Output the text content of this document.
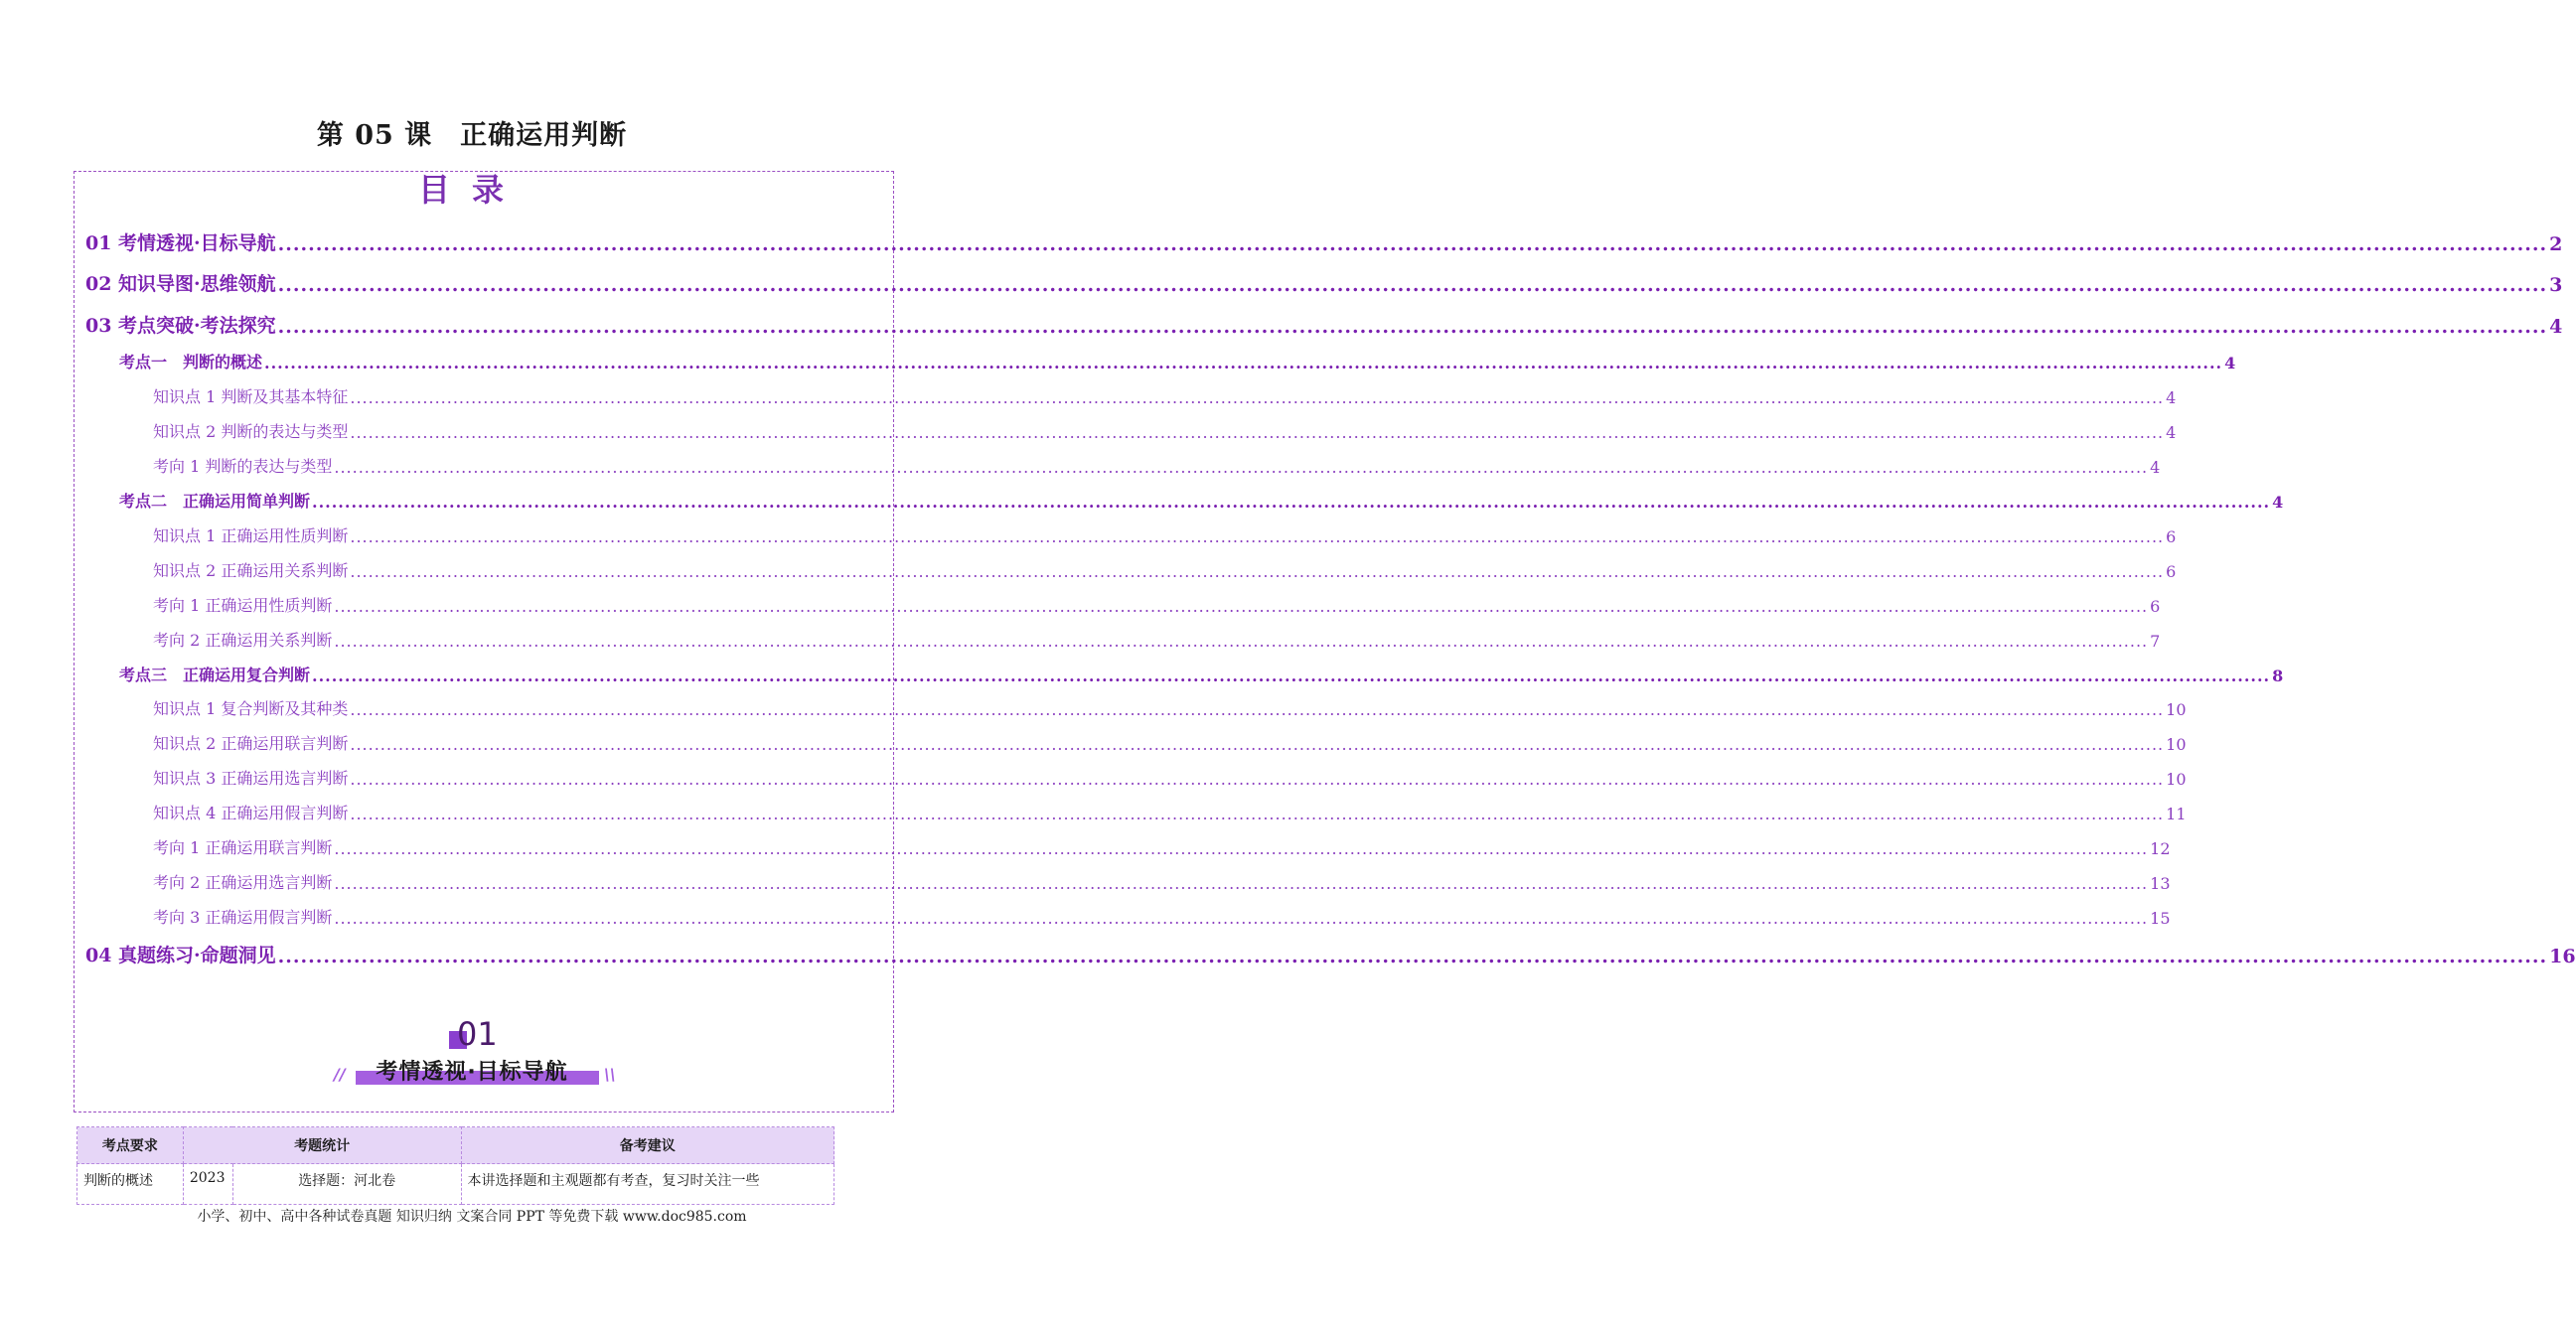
第 05 课　正确运用判断
目录
01 考情透视·目标导航 ............................................................................................................................................................................................................................................................................................................ 2
02 知识导图·思维领航 ............................................................................................................................................................................................................................................................................................................ 3
03 考点突破·考法探究 ............................................................................................................................................................................................................................................................................................................ 4
考点一　判断的概述 ............................................................................................................................................................................................................................................................................................................ 4
知识点 1 判断及其基本特征 ............................................................................................................................................................................................................................................................................................................ 4
知识点 2 判断的表达与类型 ............................................................................................................................................................................................................................................................................................................ 4
考向 1 判断的表达与类型 ............................................................................................................................................................................................................................................................................................................ 4
考点二　正确运用简单判断 ............................................................................................................................................................................................................................................................................................................ 4
知识点 1 正确运用性质判断 ............................................................................................................................................................................................................................................................................................................ 6
知识点 2 正确运用关系判断 ............................................................................................................................................................................................................................................................................................................ 6
考向 1 正确运用性质判断 ............................................................................................................................................................................................................................................................................................................ 6
考向 2 正确运用关系判断 ............................................................................................................................................................................................................................................................................................................ 7
考点三　正确运用复合判断 ............................................................................................................................................................................................................................................................................................................ 8
知识点 1 复合判断及其种类 ............................................................................................................................................................................................................................................................................................................ 10
知识点 2 正确运用联言判断 ............................................................................................................................................................................................................................................................................................................ 10
知识点 3 正确运用选言判断 ............................................................................................................................................................................................................................................................................................................ 10
知识点 4 正确运用假言判断 ............................................................................................................................................................................................................................................................................................................ 11
考向 1 正确运用联言判断 ............................................................................................................................................................................................................................................................................................................ 12
考向 2 正确运用选言判断 ............................................................................................................................................................................................................................................................................................................ 13
考向 3 正确运用假言判断 ............................................................................................................................................................................................................................................................................................................ 15
04 真题练习·命题洞见 ............................................................................................................................................................................................................................................................................................................ 16
01
//	考情透视·目标导航	\\
考点要求	考题统计		备考建议
判断的概述	2023	选择题：河北卷	本讲选择题和主观题都有考查，复习时关注一些
小学、初中、高中各种试卷真题 知识归纳 文案合同 PPT 等免费下载 www.doc985.com
